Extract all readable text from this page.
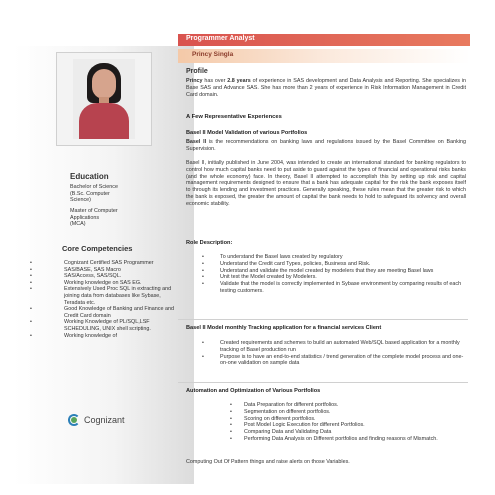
Programmer Analyst
Princy Singla
Education
Bachelor of Science
(B.Sc. Computer
Science)
Master of Computer
Applications
(MCA)
Core Competencies
•	Cognizant Certified SAS Programmer
•	SAS/BASE, SAS Macro
•	SAS/Access, SAS/SQL.
•	Working knowledge on SAS EG.
•	Extensively Used Proc SQL in extracting and joining data from databases like Sybase, Teradata etc.
•	Good Knowledge of Banking and Finance and Credit Card domain
•	Working Knowledge of PL/SQL,LSF SCHEDULING, UNIX shell scripting.
•	Working knowledge of
Cognizant
Profile

Princy has over 2.8 years of experience in SAS development and Data Analysis and Reporting. She specializes in Base SAS and Advance SAS. She has more than 2 years of experience in Risk Information Management in Credit Card domain.

A Few Representative Experiences
Basel II Model Validation of various Portfolios

Basel II is the recommendations on banking laws and regulations issued by the Basel Committee on Banking Supervision.

Basel II, initially published in June 2004, was intended to create an international standard for banking regulators to control how much capital banks need to put aside to guard against the types of financial and operational risks banks (and the whole economy) face. In theory, Basel II attempted to accomplish this by setting up risk and capital management requirements designed to ensure that a bank has adequate capital for the risk the bank exposes itself to through its lending and investment practices. Generally speaking, these rules mean that the greater risk to which the bank is exposed, the greater the amount of capital the bank needs to hold to safeguard its solvency and overall economic stability.

Role Description:
•	To understand the Basel laws created by regulatory
•	Understand the Credit card Types, policies, Business and Risk.
•	Understand and validate the model created by modelers that they are meeting Basel laws
•	Unit test the Model created by Modelers.
•	Validate that the model is correctly implemented in Sybase environment by comparing results of each testing customers.
Basel II Model monthly Tracking application for a financial services Client
•	Created requirements and schemes to build an automated Web/SQL based application for a monthly tracking of Basel production run
•	Purpose is to have an end-to-end statistics / trend generation of the complete model process and one-on-one validation on sample data
Automation and Optimization of Various Portfolios
• Data Preparation for different portfolios.
• Segmentation on different portfolios.
• Scoring on different portfolios.
• Post Model Logic Execution for different Portfolios.
• Comparing Data and Validating Data
• Performing Data Analysis on Different portfolios and finding reasons of Mismatch.
Computing Out Of Pattern things and raise alerts on those Variables.
